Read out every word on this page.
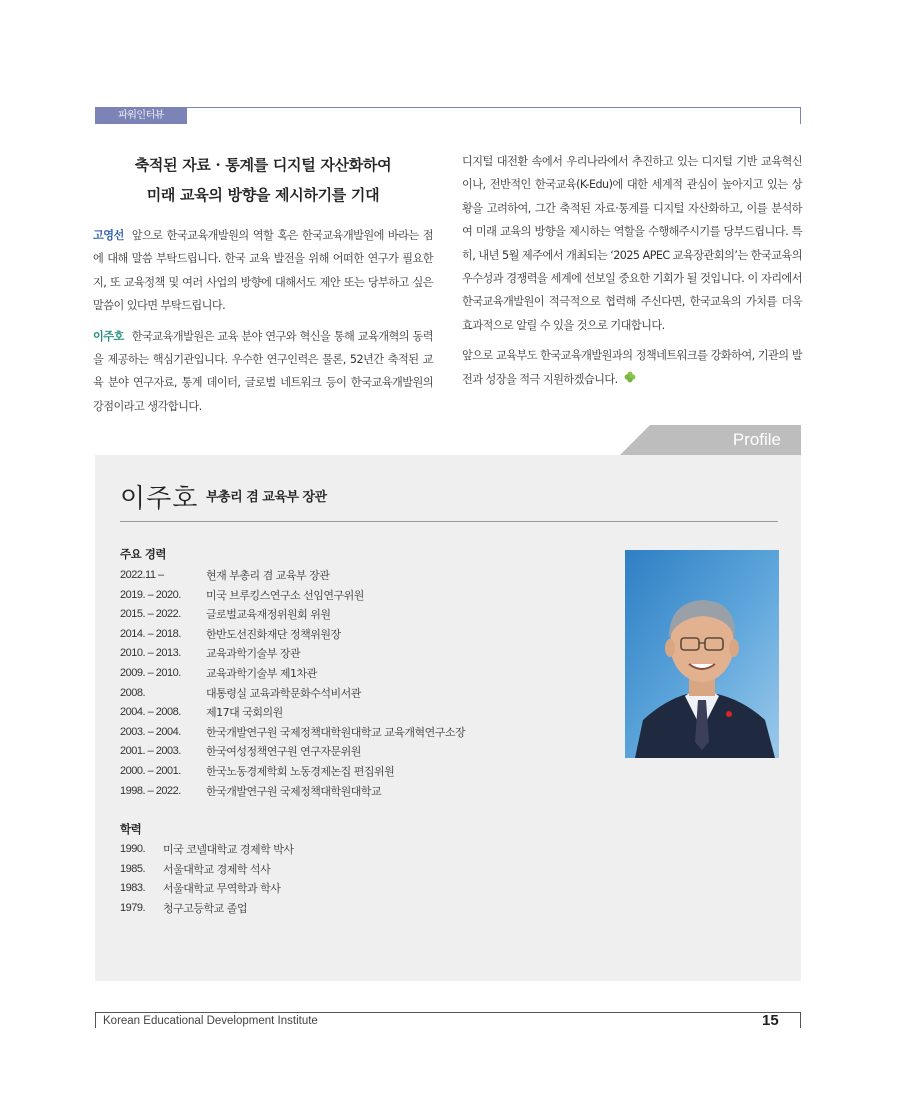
파워인터뷰
축적된 자료 · 통계를 디지털 자산화하여
미래 교육의 방향을 제시하기를 기대

고영선 앞으로 한국교육개발원의 역할 혹은 한국교육개발원에 바라는 점에 대해 말씀 부탁드립니다. 한국 교육 발전을 위해 어떠한 연구가 필요한지, 또 교육정책 및 여러 사업의 방향에 대해서도 제안 또는 당부하고 싶은 말씀이 있다면 부탁드립니다.

이주호 한국교육개발원은 교육 분야 연구와 혁신을 통해 교육개혁의 동력을 제공하는 핵심기관입니다. 우수한 연구인력은 물론, 52년간 축적된 교육 분야 연구자료, 통계 데이터, 글로벌 네트워크 등이 한국교육개발원의 강점이라고 생각합니다.

디지털 대전환 속에서 우리나라에서 추진하고 있는 디지털 기반 교육혁신이나, 전반적인 한국교육(K-Edu)에 대한 세계적 관심이 높아지고 있는 상황을 고려하여, 그간 축적된 자료·통계를 디지털 자산화하고, 이를 분석하여 미래 교육의 방향을 제시하는 역할을 수행해주시기를 당부드립니다. 특히, 내년 5월 제주에서 개최되는 ‘2025 APEC 교육장관회의’는 한국교육의 우수성과 경쟁력을 세계에 선보일 중요한 기회가 될 것입니다. 이 자리에서 한국교육개발원이 적극적으로 협력해 주신다면, 한국교육의 가치를 더욱 효과적으로 알릴 수 있을 것으로 기대합니다.

앞으로 교육부도 한국교육개발원과의 정책네트워크를 강화하여, 기관의 발전과 성장을 적극 지원하겠습니다.

Profile
이주호 부총리 겸 교육부 장관
주요 경력
2022.11 –	현재 부총리 겸 교육부 장관
2019. – 2020.	미국 브루킹스연구소 선임연구위원
2015. – 2022.	글로벌교육재정위원회 위원
2014. – 2018.	한반도선진화재단 정책위원장
2010. – 2013.	교육과학기술부 장관
2009. – 2010.	교육과학기술부 제1차관
2008.	대통령실 교육과학문화수석비서관
2004. – 2008.	제17대 국회의원
2003. – 2004.	한국개발연구원 국제정책대학원대학교 교육개혁연구소장
2001. – 2003.	한국여성정책연구원 연구자문위원
2000. – 2001.	한국노동경제학회 노동경제논집 편집위원
1998. – 2022.	한국개발연구원 국제정책대학원대학교
학력
1990.	미국 코넬대학교 경제학 박사
1985.	서울대학교 경제학 석사
1983.	서울대학교 무역학과 학사
1979.	청구고등학교 졸업
Korean Educational Development Institute	15
